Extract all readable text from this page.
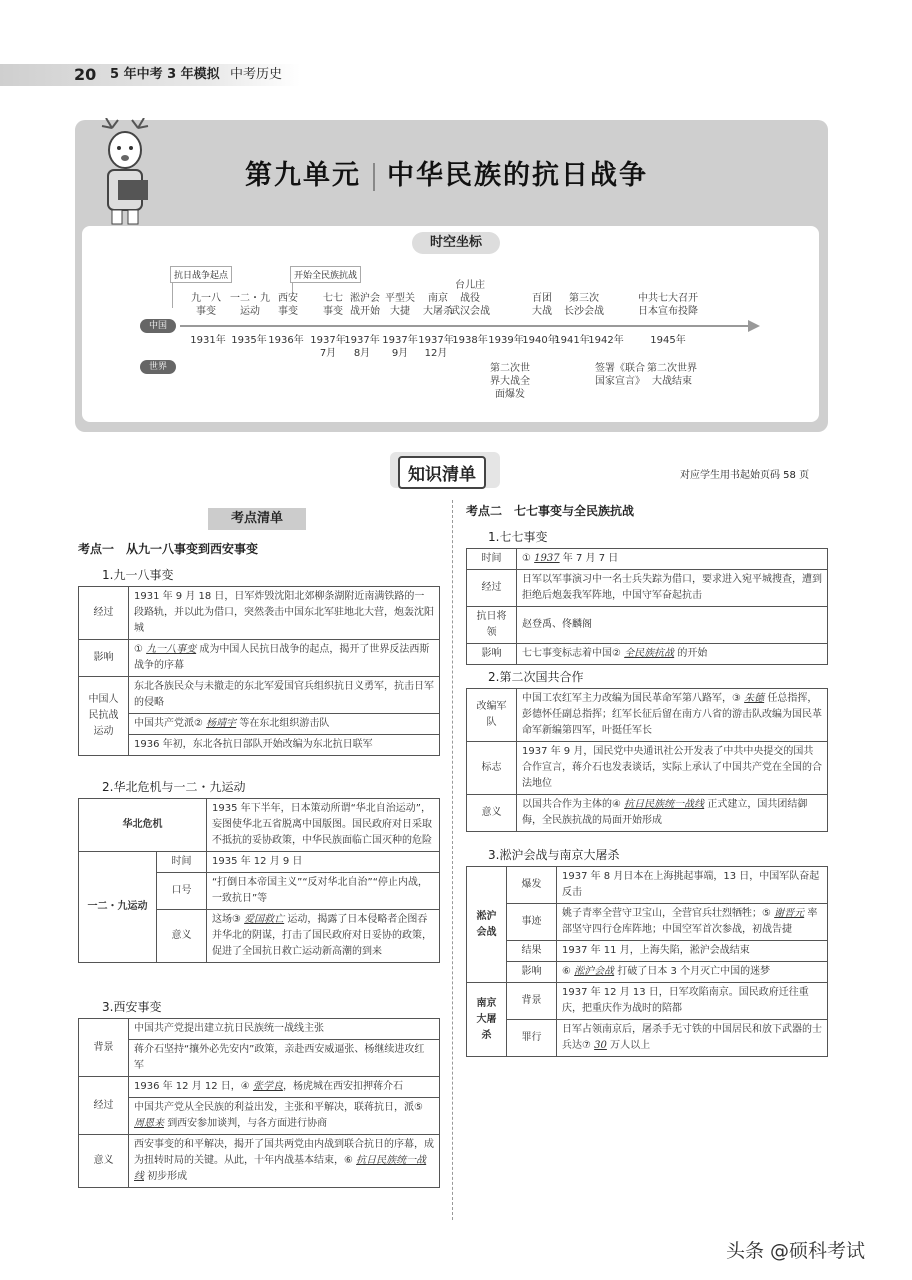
20 5 年中考 3 年模拟 中考历史
第九单元 中华民族的抗日战争
时空坐标
抗日战争起点	开始全民族抗战
中国
世界
九一八
事变
一二・九
运动
西安
事变
七七
事变
淞沪会
战开始
平型关
大捷
南京
大屠杀
台儿庄
战役
武汉会战
百团
大战
第三次
长沙会战
中共七大召开
日本宣布投降
1931年 1935年 1936年 1937年
7月
1937年
8月
1937年
9月
1937年
12月
1938年 1939年
1940年
1941年
1942年	1945年
第二次世
界大战全
面爆发
签署《联合
国家宣言》
第二次世界
大战结束
知识清单	对应学生用书起始页码 58 页
考点清单
考点一　从九一八事变到西安事变
1.九一八事变
经过	1931 年 9 月 18 日，日军炸毁沈阳北郊柳条湖附近南满铁路的一段路轨，并以此为借口，突然袭击中国东北军驻地北大营，炮轰沈阳城
影响	① 九一八事变 成为中国人民抗日战争的起点，揭开了世界反法西斯战争的序幕
中国人民抗战运动	东北各族民众与未撤走的东北军爱国官兵组织抗日义勇军，抗击日军的侵略
	中国共产党派② 杨靖宇 等在东北组织游击队
	1936 年初，东北各抗日部队开始改编为东北抗日联军
2.华北危机与一二・九运动
华北危机		1935 年下半年，日本策动所谓“华北自治运动”，妄图使华北五省脱离中国版图。国民政府对日采取不抵抗的妥协政策，中华民族面临亡国灭种的危险
一二・九运动	时间	1935 年 12 月 9 日
	口号	“打倒日本帝国主义”“反对华北自治”“停止内战，一致抗日”等
	意义	这场③ 爱国救亡 运动，揭露了日本侵略者企图吞并华北的阴谋，打击了国民政府对日妥协的政策，促进了全国抗日救亡运动新高潮的到来
3.西安事变
背景	中国共产党提出建立抗日民族统一战线主张
	蒋介石坚持“攘外必先安内”政策，亲赴西安威逼张、杨继续进攻红军
经过	1936 年 12 月 12 日，④ 张学良，杨虎城在西安扣押蒋介石
	中国共产党从全民族的利益出发，主张和平解决，联蒋抗日，派⑤ 周恩来 到西安参加谈判，与各方面进行协商
意义	西安事变的和平解决，揭开了国共两党由内战到联合抗日的序幕，成为扭转时局的关键。从此，十年内战基本结束，⑥ 抗日民族统一战线 初步形成
考点二　七七事变与全民族抗战
1.七七事变
时间	① 1937 年 7 月 7 日
经过	日军以军事演习中一名士兵失踪为借口，要求进入宛平城搜查，遭到拒绝后炮轰我军阵地，中国守军奋起抗击
抗日将领	赵登禹、佟麟阁
影响	七七事变标志着中国② 全民族抗战 的开始
2.第二次国共合作
改编军队	中国工农红军主力改编为国民革命军第八路军，③ 朱德 任总指挥，彭德怀任副总指挥；红军长征后留在南方八省的游击队改编为国民革命军新编第四军，叶挺任军长
标志	1937 年 9 月，国民党中央通讯社公开发表了中共中央提交的国共合作宣言，蒋介石也发表谈话，实际上承认了中国共产党在全国的合法地位
意义	以国共合作为主体的④ 抗日民族统一战线 正式建立，国共团结御侮，全民族抗战的局面开始形成
3.淞沪会战与南京大屠杀
淞沪会战	爆发	1937 年 8 月日本在上海挑起事端，13 日，中国军队奋起反击
	事迹	姚子青率全营守卫宝山，全营官兵壮烈牺牲；⑤ 谢晋元 率部坚守四行仓库阵地；中国空军首次参战，初战告捷
	结果	1937 年 11 月，上海失陷，淞沪会战结束
	影响	⑥ 淞沪会战 打破了日本 3 个月灭亡中国的迷梦
南京大屠杀	背景	1937 年 12 月 13 日，日军攻陷南京。国民政府迁往重庆，把重庆作为战时的陪都
	罪行	日军占领南京后，屠杀手无寸铁的中国居民和放下武器的士兵达⑦ 30 万人以上
头条 @硕科考试
